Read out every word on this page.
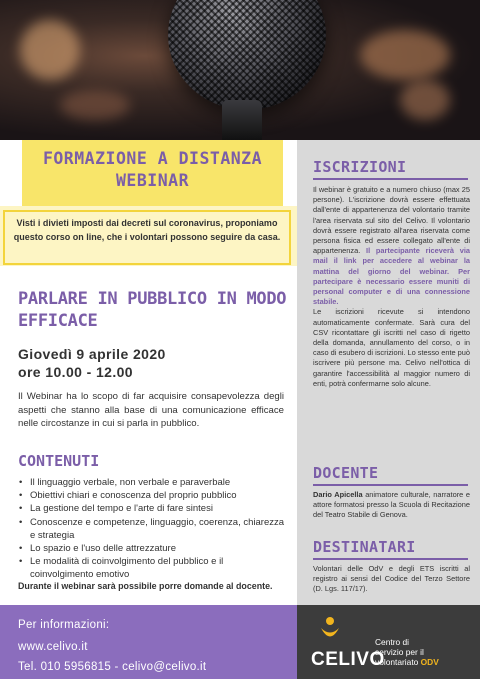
FORMAZIONE A DISTANZA
WEBINAR

Visti i divieti imposti dai decreti sul coronavirus, proponiamo questo corso on line, che i volontari possono seguire da casa.

PARLARE IN PUBBLICO IN MODO EFFICACE
Giovedì 9 aprile 2020
ore 10.00 - 12.00

Il Webinar ha lo scopo di far acquisire consapevolezza degli aspetti che stanno alla base di una comunicazione efficace nelle circostanze in cui si parla in pubblico.

CONTENUTI
• Il linguaggio verbale, non verbale e paraverbale
• Obiettivi chiari e conoscenza del proprio pubblico
• La gestione del tempo e l'arte di fare sintesi
• Conoscenze e competenze, linguaggio, coerenza, chiarezza e strategia
• Lo spazio e l'uso delle attrezzature
• Le modalità di coinvolgimento del pubblico e il coinvolgimento emotivo

Durante il webinar sarà possibile porre domande al docente.

ISCRIZIONI
Il webinar è gratuito e a numero chiuso (max 25 persone). L'iscrizione dovrà essere effettuata dall'ente di appartenenza del volontario tramite l'area riservata sul sito del Celivo. Il volontario dovrà essere registrato all'area riservata come persona fisica ed essere collegato all'ente di appartenenza. Il partecipante riceverà via mail il link per accedere al webinar la mattina del giorno del webinar. Per partecipare è necessario essere muniti di personal computer e di una connessione stabile.
Le iscrizioni ricevute si intendono automaticamente confermate. Sarà cura del CSV ricontattare gli iscritti nel caso di rigetto della domanda, annullamento del corso, o in caso di esubero di iscrizioni. Lo stesso ente può iscrivere più persone ma. Celivo nell'ottica di garantire l'accessibilità al maggior numero di enti, potrà confermarne solo alcune.
DOCENTE
Dario Apicella animatore culturale, narratore e attore formatosi presso la Scuola di Recitazione del Teatro Stabile di Genova.
DESTINATARI
Volontari delle OdV e degli ETS iscritti al registro ai sensi del Codice del Terzo Settore (D. Lgs. 117/17).
Per informazioni:
www.celivo.it
Tel. 010 5956815 - celivo@celivo.it	CELIVO
Centro di
servizio per il
volontariato ODV
